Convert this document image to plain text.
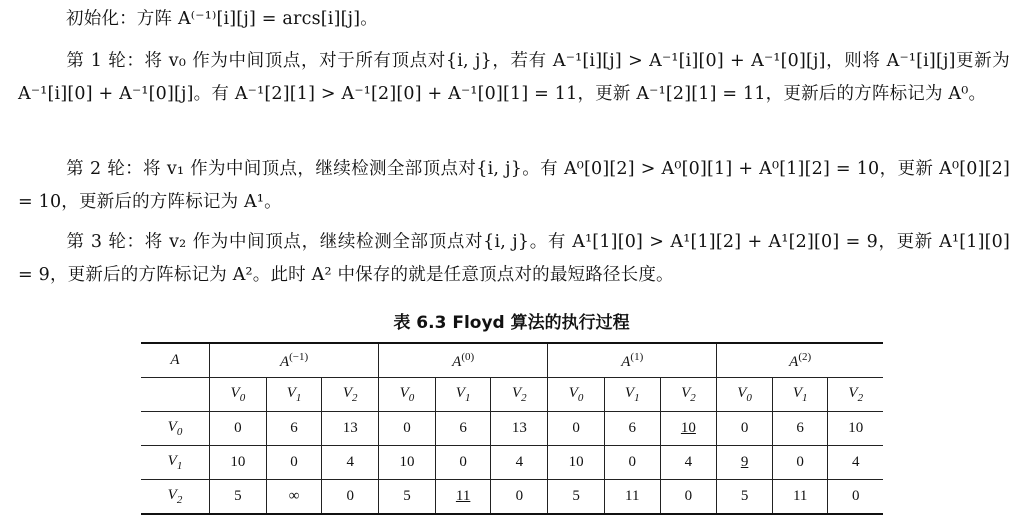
初始化：方阵 A⁽⁻¹⁾[i][j] = arcs[i][j]。

第 1 轮：将 v₀ 作为中间顶点，对于所有顶点对{i, j}，若有 A⁻¹[i][j] > A⁻¹[i][0] + A⁻¹[0][j]，则将 A⁻¹[i][j]更新为 A⁻¹[i][0] + A⁻¹[0][j]。有 A⁻¹[2][1] > A⁻¹[2][0] + A⁻¹[0][1] = 11，更新 A⁻¹[2][1] = 11，更新后的方阵标记为 A⁰。

第 2 轮：将 v₁ 作为中间顶点，继续检测全部顶点对{i, j}。有 A⁰[0][2] > A⁰[0][1] + A⁰[1][2] = 10，更新 A⁰[0][2] = 10，更新后的方阵标记为 A¹。

第 3 轮：将 v₂ 作为中间顶点，继续检测全部顶点对{i, j}。有 A¹[1][0] > A¹[1][2] + A¹[2][0] = 9，更新 A¹[1][0] = 9，更新后的方阵标记为 A²。此时 A² 中保存的就是任意顶点对的最短路径长度。

表 6.3 Floyd 算法的执行过程
A	$A^{(-1)}$			$A^{(0)}$			$A^{(1)}$			$A^{(2)}$
	$V_0$	$V_1$	$V_2$	$V_0$	$V_1$	$V_2$	$V_0$	$V_1$	$V_2$	$V_0$	$V_1$	$V_2$
$V_0$	0	6	13	0	6	13	0	6	10	0	6	10
$V_1$	10	0	4	10	0	4	10	0	4	9	0	4
$V_2$	5	∞	0	5	11	0	5	11	0	5	11	0
